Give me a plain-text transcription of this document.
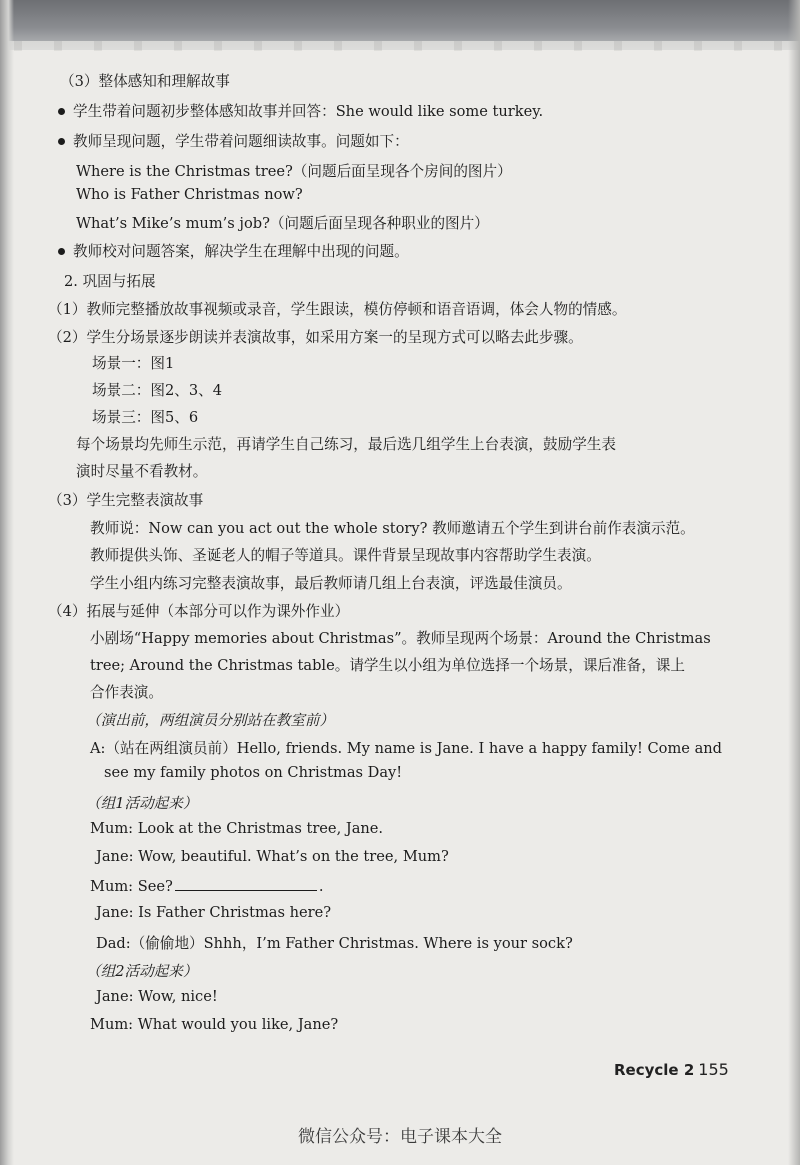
（3）整体感知和理解故事
学生带着问题初步整体感知故事并回答：She would like some turkey.
教师呈现问题，学生带着问题细读故事。问题如下：
Where is the Christmas tree?（问题后面呈现各个房间的图片）
Who is Father Christmas now?
What’s Mike’s mum’s job?（问题后面呈现各种职业的图片）
教师校对问题答案，解决学生在理解中出现的问题。
2. 巩固与拓展
（1）教师完整播放故事视频或录音，学生跟读，模仿停顿和语音语调，体会人物的情感。
（2）学生分场景逐步朗读并表演故事，如采用方案一的呈现方式可以略去此步骤。
场景一：图1
场景二：图2、3、4
场景三：图5、6
每个场景均先师生示范，再请学生自己练习，最后选几组学生上台表演，鼓励学生表
演时尽量不看教材。
（3）学生完整表演故事
教师说：Now can you act out the whole story? 教师邀请五个学生到讲台前作表演示范。
教师提供头饰、圣诞老人的帽子等道具。课件背景呈现故事内容帮助学生表演。
学生小组内练习完整表演故事，最后教师请几组上台表演，评选最佳演员。
（4）拓展与延伸（本部分可以作为课外作业）
小剧场“Happy memories about Christmas”。教师呈现两个场景：Around the Christmas
tree; Around the Christmas table。请学生以小组为单位选择一个场景，课后准备，课上
合作表演。
（演出前，两组演员分别站在教室前）
A:（站在两组演员前）Hello, friends. My name is Jane. I have a happy family! Come and
see my family photos on Christmas Day!
（组1活动起来）
Mum: Look at the Christmas tree, Jane.
Jane: Wow, beautiful. What’s on the tree, Mum?
Mum: See?	.
Jane: Is Father Christmas here?
Dad:（偷偷地）Shhh，I’m Father Christmas. Where is your sock?
（组2活动起来）
Jane: Wow, nice!
Mum: What would you like, Jane?
Recycle 2 155
微信公众号：电子课本大全
